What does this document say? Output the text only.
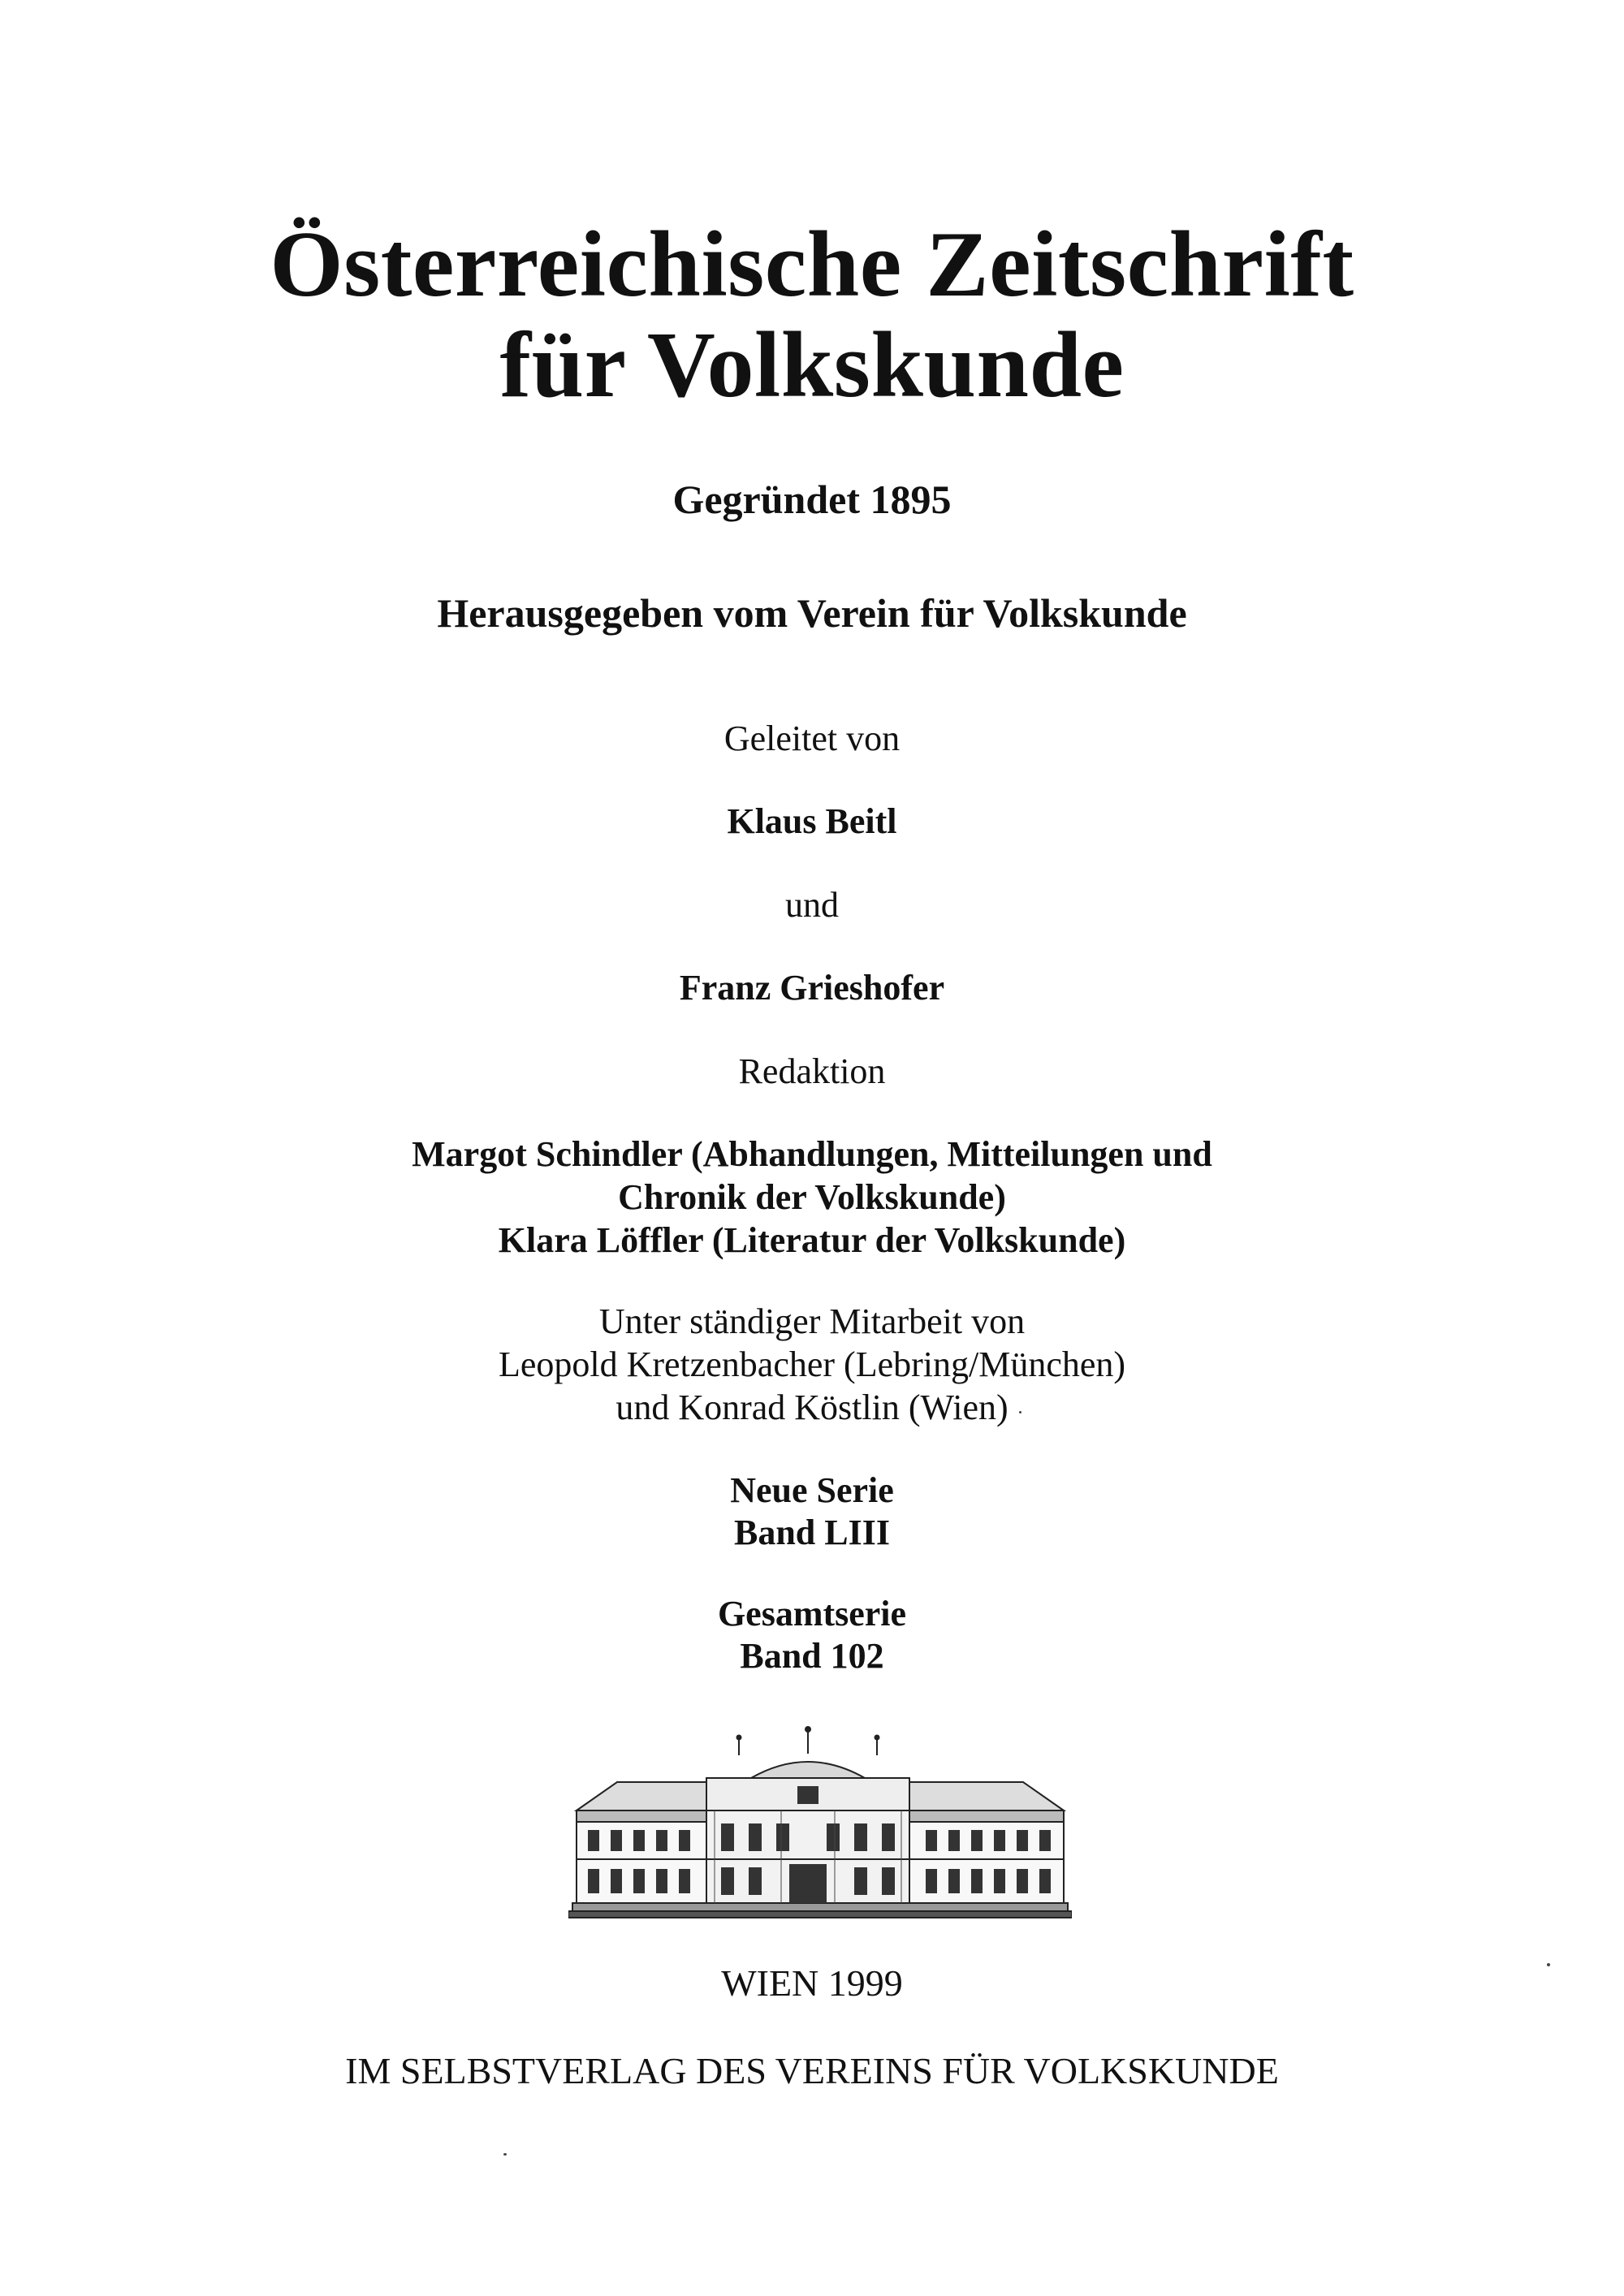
Österreichische Zeitschrift
für Volkskunde
Gegründet 1895
Herausgegeben vom Verein für Volkskunde
Geleitet von
Klaus Beitl
und
Franz Grieshofer
Redaktion
Margot Schindler (Abhandlungen, Mitteilungen und
Chronik der Volkskunde)
Klara Löffler (Literatur der Volkskunde)
Unter ständiger Mitarbeit von
Leopold Kretzenbacher (Lebring/München)
und Konrad Köstlin (Wien)
Neue Serie
Band LIII
Gesamtserie
Band 102
WIEN 1999
IM SELBSTVERLAG DES VEREINS FÜR VOLKSKUNDE
